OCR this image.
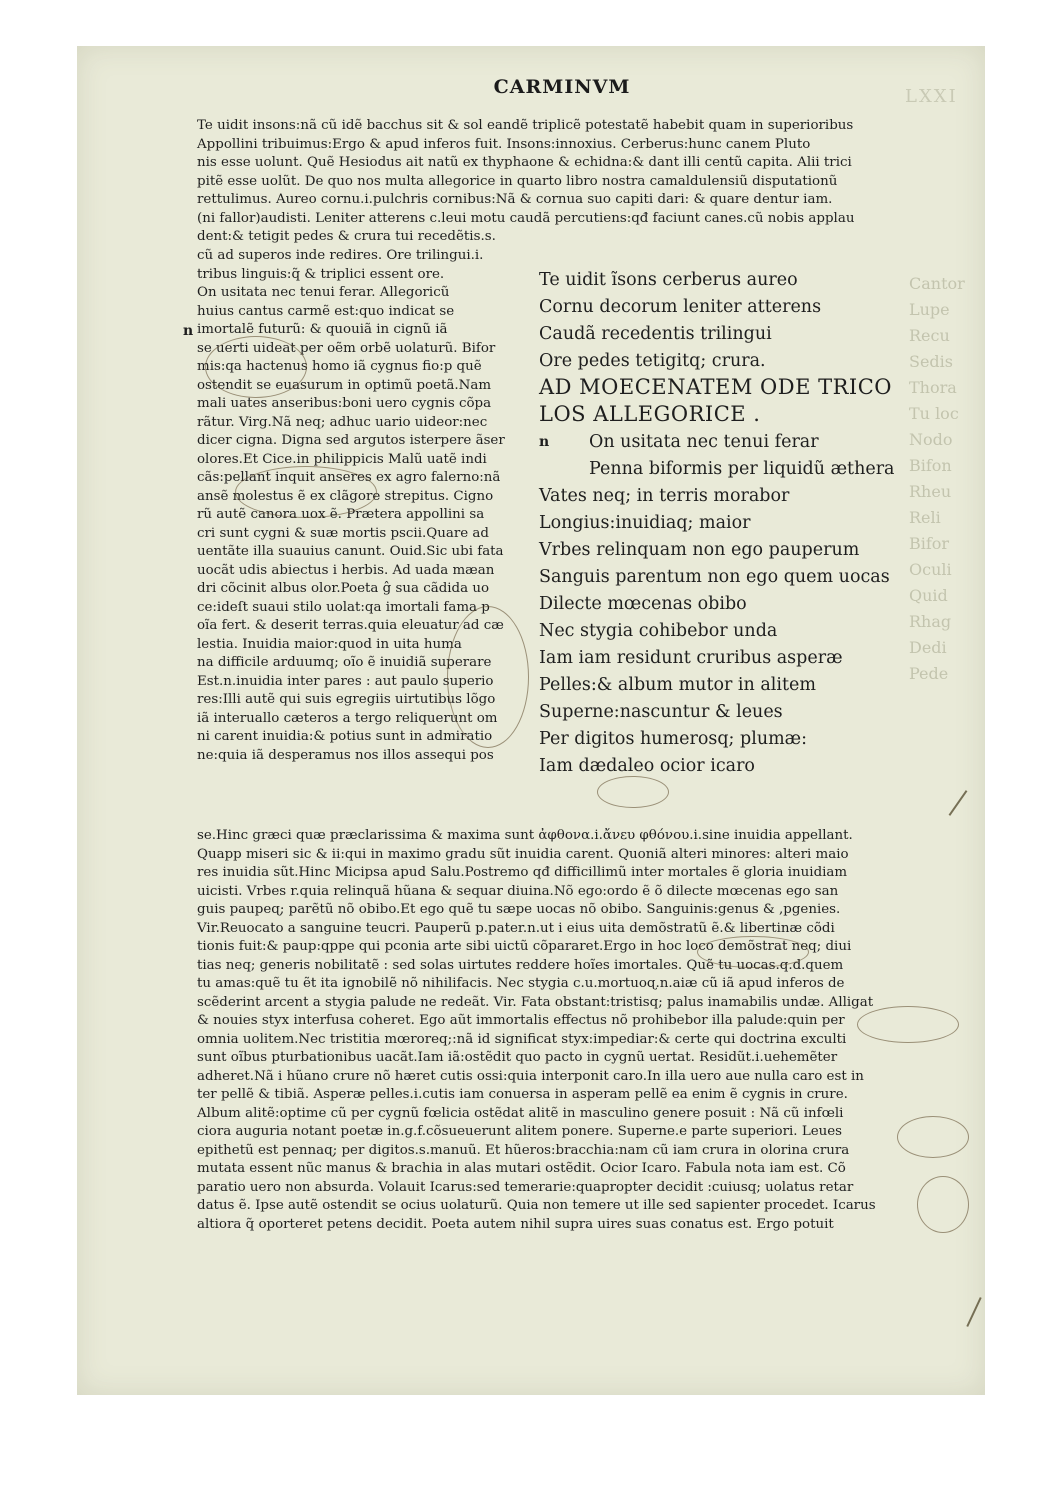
LXXI
Cantor
Lupe
Recu
Sedis
Thora
Tu loc
Nodo
Bifon
Rheu
Reli
Bifor
Oculi
Quid
Rhag
Dedi
Pede
CARMINVM
Te uidit insons:nã cũ idẽ bacchus sit & sol eandẽ triplicẽ potestatẽ habebit quam in superioribus
Appollini tribuimus:Ergo & apud inferos fuit. Insons:innoxius. Cerberus:hunc canem Pluto
nis esse uolunt. Quẽ Hesiodus ait natũ ex thyphaone & echidna:& dant illi centũ capita. Alii trici
pitẽ esse uolũt. De quo nos multa allegorice in quarto libro nostra camaldulensiũ disputationũ
rettulimus. Aureo cornu.i.pulchris cornibus:Nã & cornua suo capiti dari: & quare dentur iam.
(ni fallor)audisti. Leniter atterens c.leui motu caudã percutiens:qđ faciunt canes.cũ nobis applau
dent:& tetigit pedes & crura tui recedẽtis.s.
cũ ad superos inde redires. Ore trilingui.i.
tribus linguis:q̃ & triplici essent ore.
On usitata nec tenui ferar. Allegoricũ
huius cantus carmẽ est:quo indicat se
imortalẽ futurũ: & quouiã in cignũ iã
se uerti uideat per oẽm orbẽ uolaturũ. Bifor
mis:qa hactenus homo iã cygnus fio:p quẽ
ostendit se euasurum in optimũ poetã.Nam
mali uates anseribus:boni uero cygnis cõpa
rãtur. Virg.Nã neq; adhuc uario uideor:nec
dicer cigna. Digna sed argutos isterpere ãser
olores.Et Cice.in philippicis Malũ uatẽ indi
cãs:pellant inquit anseres ex agro falerno:nã
ansẽ molestus ẽ ex clãgore strepitus. Cigno
rũ autẽ canora uox ẽ. Prætera appollini sa
cri sunt cygni & suæ mortis pscii.Quare ad
uentãte illa suauius canunt. Ouid.Sic ubi fata
uocãt udis abiectus i herbis. Ad uada mæan
dri cõcinit albus olor.Poeta ĝ sua cãdida uo
ce:ideſt suaui stilo uolat:qa imortali fama p
oĩa fert. & deserit terras.quia eleuatur ad cæ
lestia. Inuidia maior:quod in uita huma
na difficile arduumq; oĩo ẽ inuidiã superare
Est.n.inuidia inter pares : aut paulo superio
res:Illi autẽ qui suis egregiis uirtutibus lõgo
iã interuallo cæteros a tergo reliquerunt om
ni carent inuidia:& potius sunt in admiratio
ne:quia iã desperamus nos illos assequi pos
n
Te uidit ĩsons cerberus aureo
Cornu decorum leniter atterens
Caudã recedentis trilingui
Ore pedes tetigitq; crura.
AD MOECENATEM ODE TRICO
LOS ALLEGORICE .
n On usitata nec tenui ferar
Penna biformis per liquidũ æthera
Vates neq; in terris morabor
Longius:inuidiaq; maior
Vrbes relinquam non ego pauperum
Sanguis parentum non ego quem uocas
Dilecte mœcenas obibo
Nec stygia cohibebor unda
Iam iam residunt cruribus asperæ
Pelles:& album mutor in alitem
Superne:nascuntur & leues
Per digitos humerosq; plumæ:
Iam dædaleo ocior icaro
se.Hinc græci quæ præclarissima & maxima sunt ἀφθονα.i.ἄνευ φθόνου.i.sine inuidia appellant.
Quapp miseri sic & ii:qui in maximo gradu sũt inuidia carent. Quoniã alteri minores: alteri maio
res inuidia sũt.Hinc Micipsa apud Salu.Postremo qđ difficillimũ inter mortales ẽ gloria inuidiam
uicisti. Vrbes r.quia relinquã hũana & sequar diuina.Nõ ego:ordo ẽ õ dilecte mœcenas ego san
guis paupeɋ; parẽtũ nõ obibo.Et ego quẽ tu sæpe uocas nõ obibo. Sanguinis:genus & ,pgenies.
Vir.Reuocato a sanguine teucri. Pauperũ p.pater.n.ut i eius uita demõstratũ ẽ.& libertinæ cõdi
tionis fuit:& paup:qppe qui pconia arte sibi uictũ cõpararet.Ergo in hoc loco demõstrat neq; diui
tias neq; generis nobilitatẽ : sed solas uirtutes reddere hoĩes imortales. Quẽ tu uocas.q.d.quem
tu amas:quẽ tu ẽt ita ignobilẽ nõ nihilifacis. Nec stygia c.u.mortuoɋ.n.aiæ cũ iã apud inferos de
scẽderint arcent a stygia palude ne redeãt. Vir. Fata obstant:tristisq; palus inamabilis undæ. Alligat
& nouies styx interfusa coheret. Ego aũt immortalis effectus nõ prohibebor illa palude:quin per
omnia uolitem.Nec tristitia mœroreq;:nã id significat styx:impediar:& certe qui doctrina exculti
sunt oĩbus pturbationibus uacãt.Iam iã:ostẽdit quo pacto in cygnũ uertat. Residũt.i.uehemẽter
adheret.Nã i hũano crure nõ hæret cutis ossi:quia interponit caro.In illa uero aue nulla caro est in
ter pellẽ & tibiã. Asperæ pelles.i.cutis iam conuersa in asperam pellẽ ea enim ẽ cygnis in crure.
Album alitẽ:optime cũ per cygnũ fœlicia ostẽdat alitẽ in masculino genere posuit : Nã cũ infœli
ciora auguria notant poetæ in.g.f.cõsueuerunt alitem ponere. Superne.e parte superiori. Leues
epithetũ est pennaɋ; per digitos.s.manuũ. Et hũeros:bracchia:nam cũ iam crura in olorina crura
mutata essent nũc manus & brachia in alas mutari ostẽdit. Ocior Icaro. Fabula nota iam est. Cõ
paratio uero non absurda. Volauit Icarus:sed temerarie:quapropter decidit :cuiusq; uolatus retar
datus ẽ. Ipse autẽ ostendit se ocius uolaturũ. Quia non temere ut ille sed sapienter procedet. Icarus
altiora q̃ oporteret petens decidit. Poeta autem nihil supra uires suas conatus est. Ergo potuit
